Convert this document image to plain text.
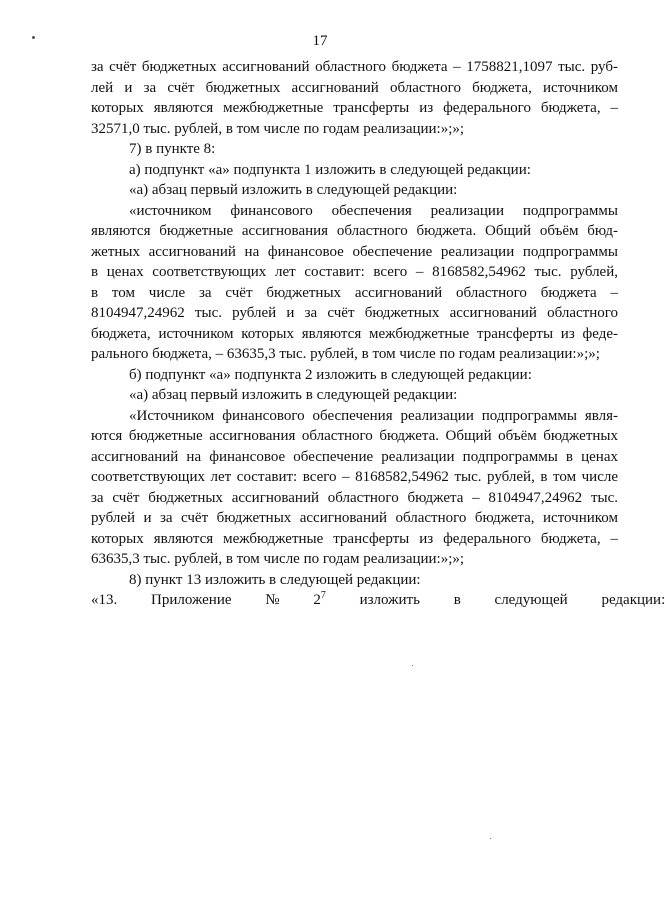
17
за счёт бюджетных ассигнований областного бюджета – 1758821,1097 тыс. руб-
лей и за счёт бюджетных ассигнований областного бюджета, источником
которых являются межбюджетные трансферты из федерального бюджета, –
32571,0 тыс. рублей, в том числе по годам реализации:»;»;
7) в пункте 8:
а) подпункт «а» подпункта 1 изложить в следующей редакции:
«а) абзац первый изложить в следующей редакции:
«источником финансового обеспечения реализации подпрограммы
являются бюджетные ассигнования областного бюджета. Общий объём бюд-
жетных ассигнований на финансовое обеспечение реализации подпрограммы
в ценах соответствующих лет составит: всего – 8168582,54962 тыс. рублей,
в том числе за счёт бюджетных ассигнований областного бюджета –
8104947,24962 тыс. рублей и за счёт бюджетных ассигнований областного
бюджета, источником которых являются межбюджетные трансферты из феде-
рального бюджета, – 63635,3 тыс. рублей, в том числе по годам реализации:»;»;
б) подпункт «а» подпункта 2 изложить в следующей редакции:
«а) абзац первый изложить в следующей редакции:
«Источником финансового обеспечения реализации подпрограммы явля-
ются бюджетные ассигнования областного бюджета. Общий объём бюджетных
ассигнований на финансовое обеспечение реализации подпрограммы в ценах
соответствующих лет составит: всего – 8168582,54962 тыс. рублей, в том числе
за счёт бюджетных ассигнований областного бюджета – 8104947,24962 тыс.
рублей и за счёт бюджетных ассигнований областного бюджета, источником
которых являются межбюджетные трансферты из федерального бюджета, –
63635,3 тыс. рублей, в том числе по годам реализации:»;»;
8) пункт 13 изложить в следующей редакции:
«13. Приложение № $2^7$ изложить в следующей редакции:
